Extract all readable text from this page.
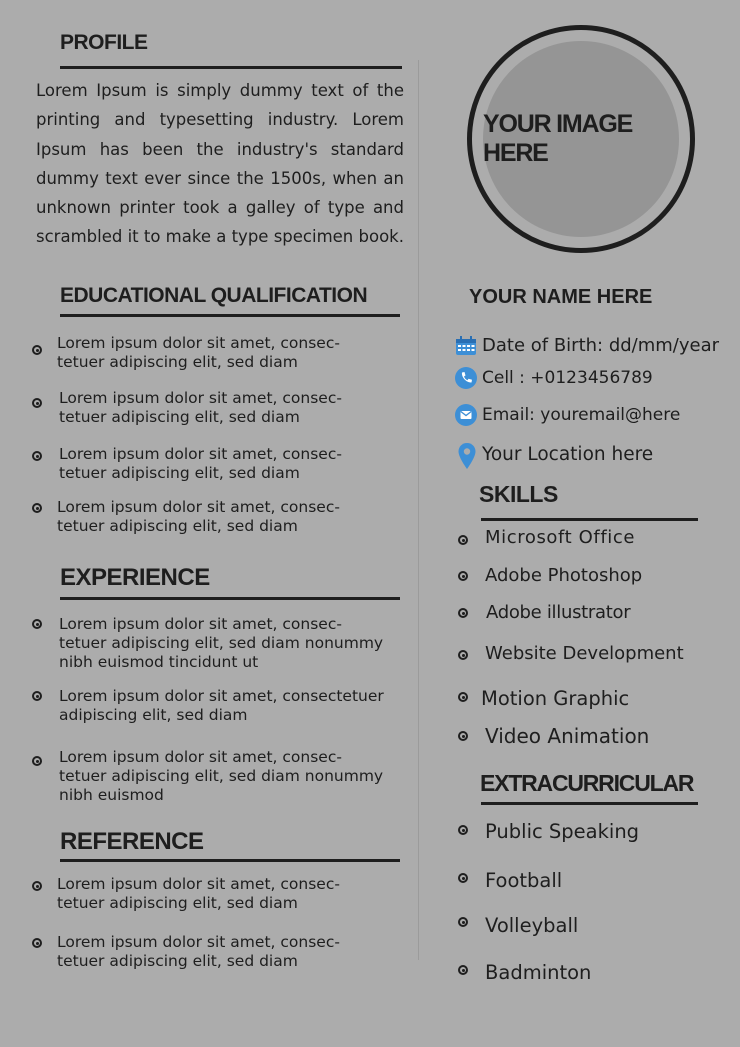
PROFILE
Lorem Ipsum is simply dummy text of the printing and typesetting industry. Lorem Ipsum has been the industry's standard dummy text ever since the 1500s, when an unknown printer took a galley of type and scrambled it to make a type specimen book.
EDUCATIONAL QUALIFICATION
Lorem ipsum dolor sit amet, consec-
tetuer adipiscing elit, sed diam
Lorem ipsum dolor sit amet, consec-
tetuer adipiscing elit, sed diam
Lorem ipsum dolor sit amet, consec-
tetuer adipiscing elit, sed diam
Lorem ipsum dolor sit amet, consec-
tetuer adipiscing elit, sed diam
EXPERIENCE
Lorem ipsum dolor sit amet, consec-
tetuer adipiscing elit, sed diam nonummy
nibh euismod tincidunt ut
Lorem ipsum dolor sit amet, consectetuer
adipiscing elit, sed diam
Lorem ipsum dolor sit amet, consec-
tetuer adipiscing elit, sed diam nonummy
nibh euismod
REFERENCE
Lorem ipsum dolor sit amet, consec-
tetuer adipiscing elit, sed diam
Lorem ipsum dolor sit amet, consec-
tetuer adipiscing elit, sed diam
YOUR IMAGE HERE
YOUR NAME HERE
Date of Birth: dd/mm/year
Cell : +0123456789
Email: youremail@here
Your Location here
SKILLS
Microsoft Office
Adobe Photoshop
Adobe illustrator
Website Development
Motion Graphic
Video Animation
EXTRACURRICULAR
Public Speaking
Football
Volleyball
Badminton
